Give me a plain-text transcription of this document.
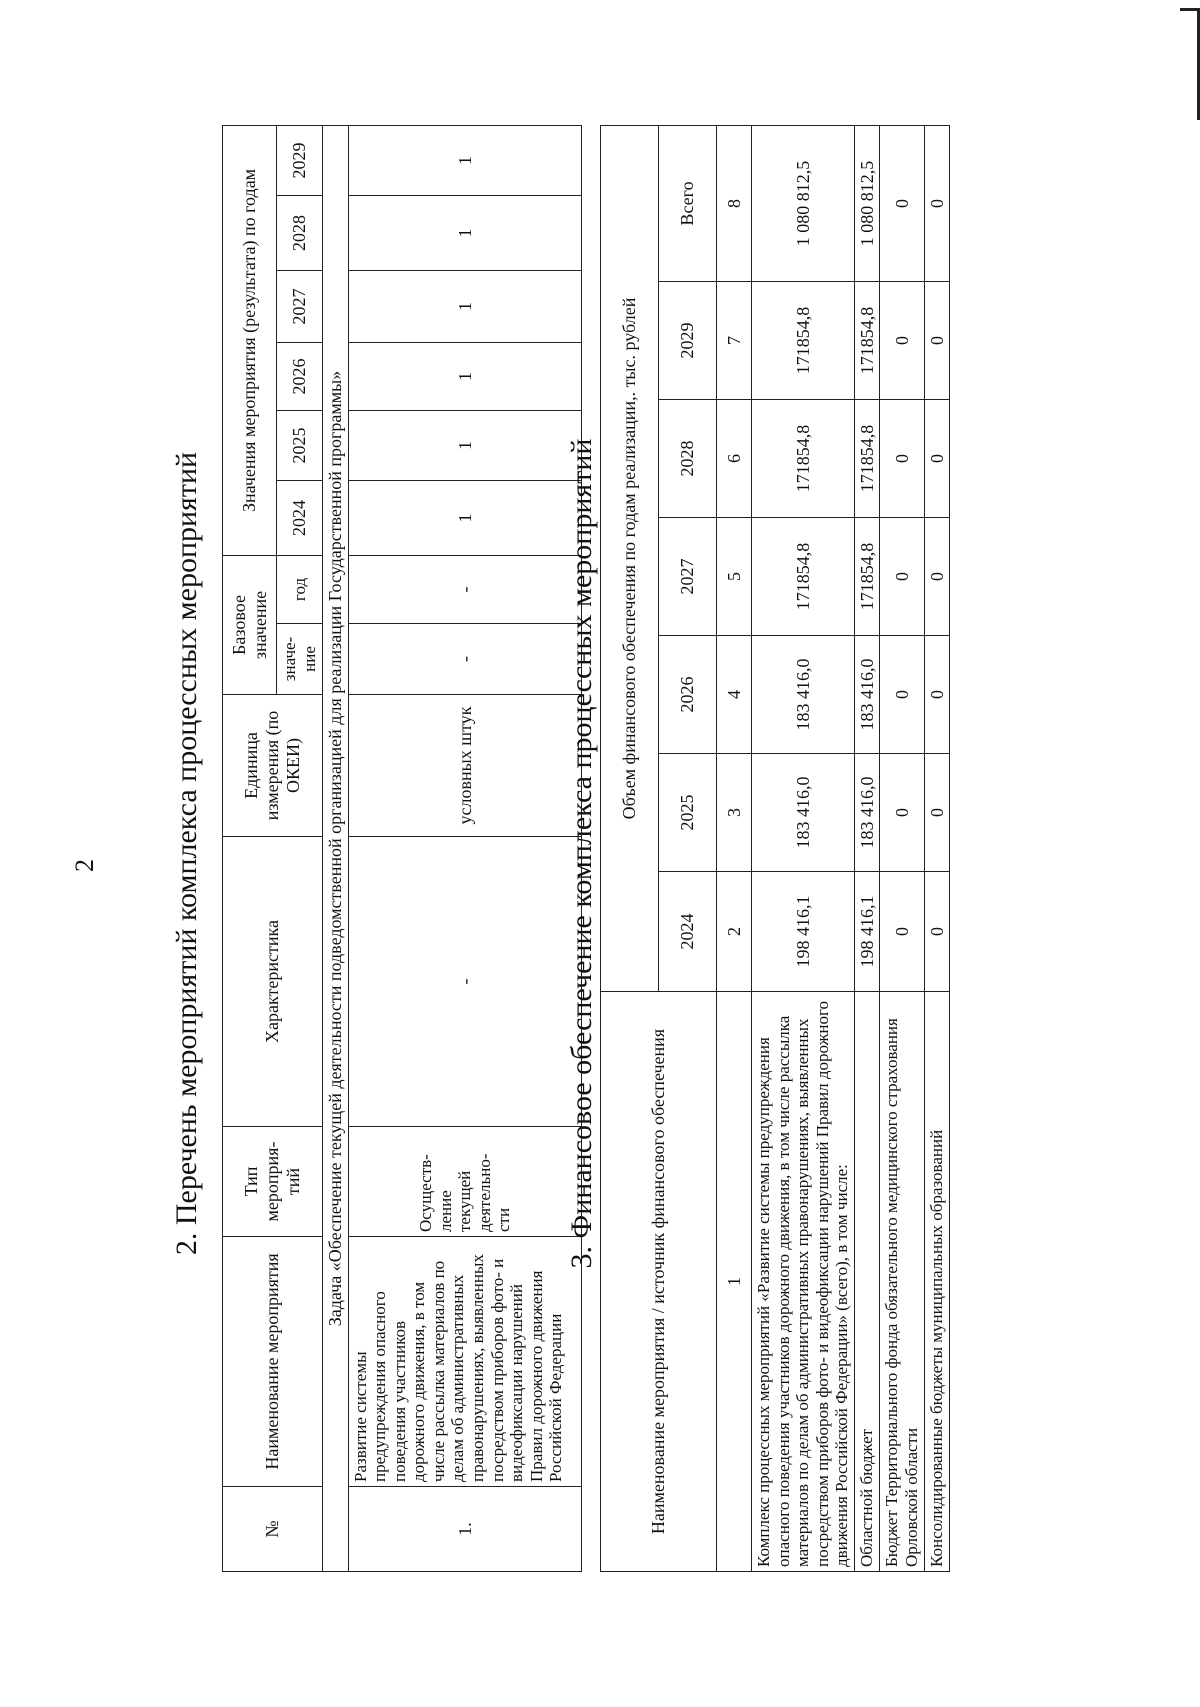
2 2. Перечень мероприятий комплекса процессных мероприятий
№	Наименование мероприятия	Тип мероприя-тий	Характеристика	Единица измерения (по ОКЕИ)	Базовое значение		Значения мероприятия (результата) по годам					
					значе-ние	год	2024	2025	2026	2027	2028	2029

Задача «Обеспечение текущей деятельности подведомственной организацией для реализации Государственной программы»												
1.	Развитие системы предупреждения опасного поведения участников дорожного движения, в том числе рассылка материалов по делам об административных правонарушениях, выявленных посредством приборов фото- и видеофиксации нарушений Правил дорожного движения Российской Федерации	Осуществ-ление текущей деятельно-сти	-	условных штук	-	-	1	1	1	1	1	1
3. Финансовое обеспечение комплекса процессных мероприятий
Наименование мероприятия / источник финансового обеспечения	Объем финансового обеспечения по годам реализации,. тыс. рублей						
	2024	2025	2026	2027	2028	2029	Всего
1	2	3	4	5	6	7	8
Комплекс процессных мероприятий «Развитие системы предупреждения опасного поведения участников дорожного движения, в том числе рассылка материалов по делам об административных правонарушениях, выявленных посредством приборов фото- и видеофиксации нарушений Правил дорожного движения Российской Федерации» (всего), в том числе:	198 416,1	183 416,0	183 416,0	171854,8	171854,8	171854,8	1 080 812,5
Областной бюджет	198 416,1	183 416,0	183 416,0	171854,8	171854,8	171854,8	1 080 812,5
Бюджет Территориального фонда обязательного медицинского страхования Орловской области	0	0	0	0	0	0	0
Консолидированные бюджеты муниципальных образований	0	0	0	0	0	0	0
